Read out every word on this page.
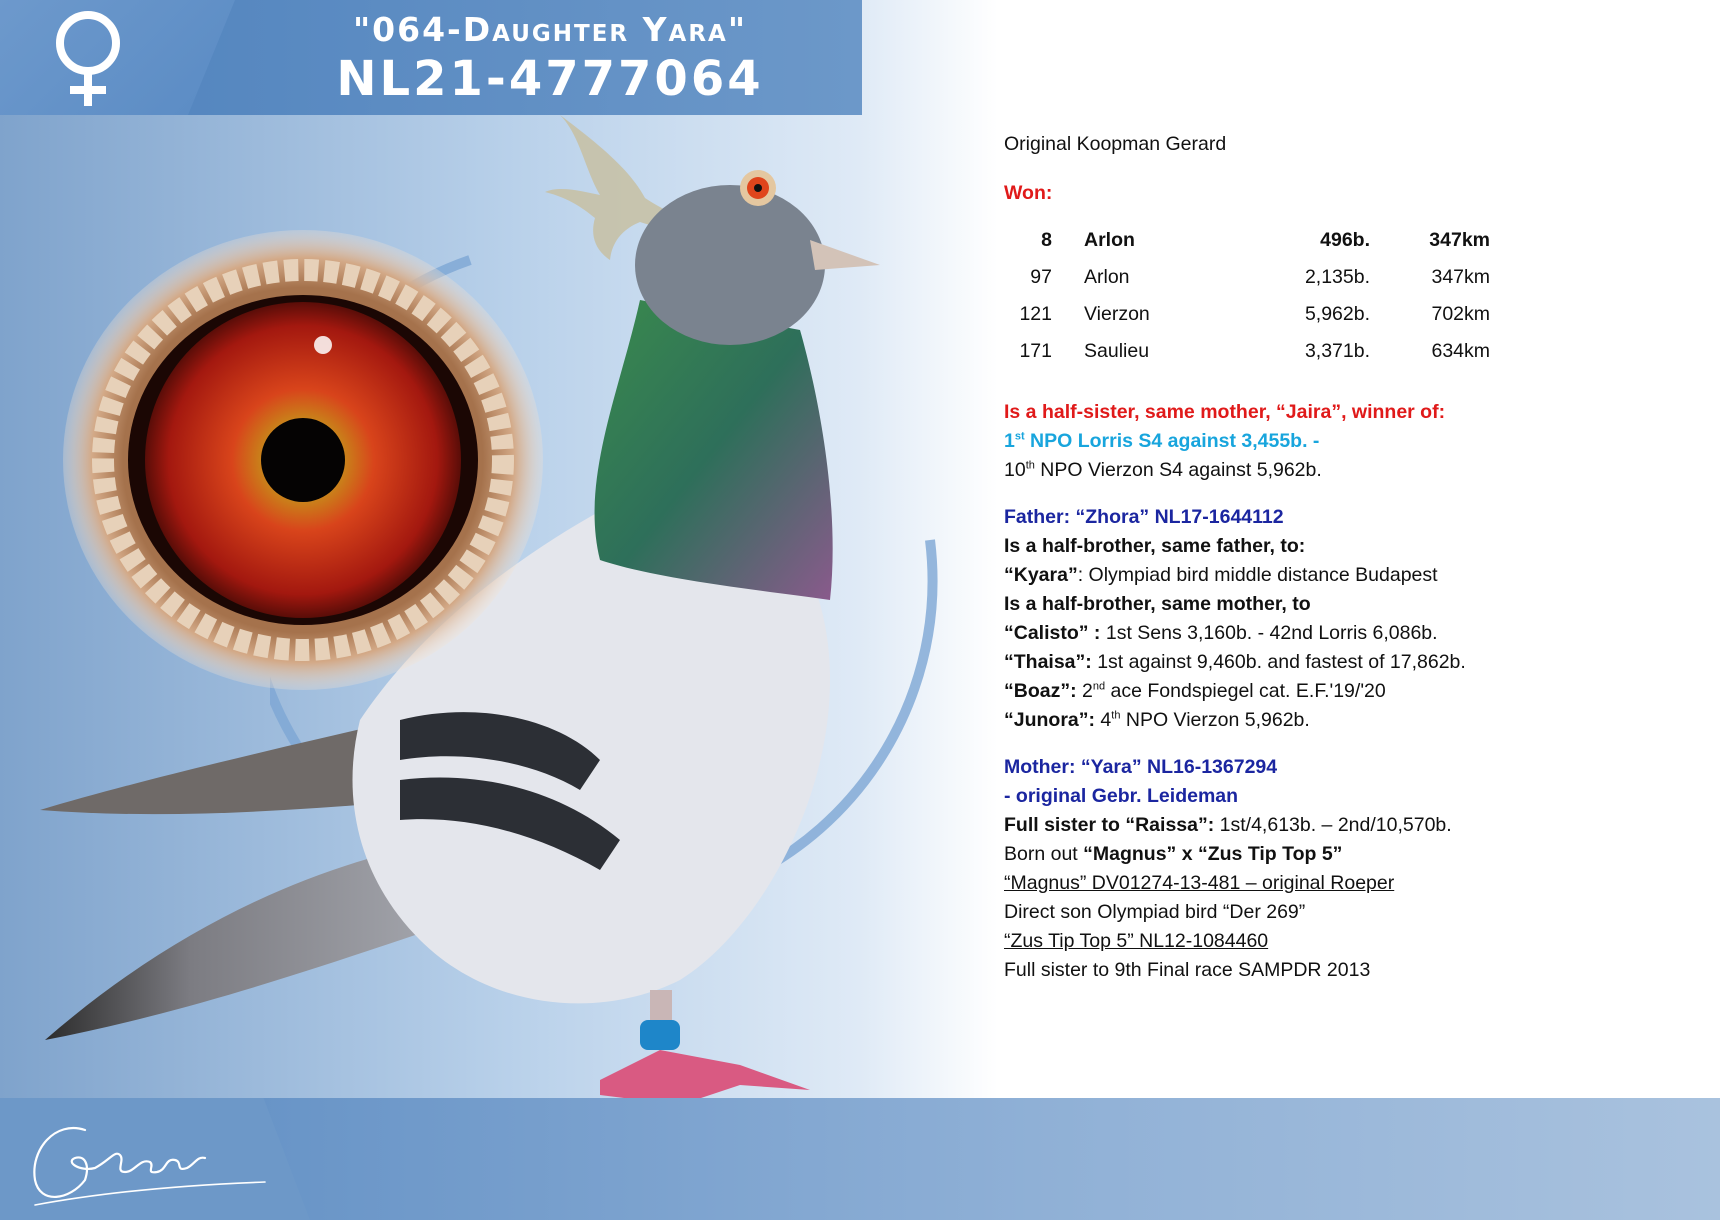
"064-Daughter Yara"
NL21-4777064

Original Koopman Gerard

Won:

8	Arlon	496b.	347km
97	Arlon	2,135b.	347km
121	Vierzon	5,962b.	702km
171	Saulieu	3,371b.	634km

Is a half-sister, same mother, “Jaira”, winner of:

1st NPO Lorris S4 against 3,455b. -

10th NPO Vierzon S4 against 5,962b.

Father: “Zhora” NL17-1644112

Is a half-brother, same father, to:

“Kyara”: Olympiad bird middle distance Budapest

Is a half-brother, same mother, to

“Calisto” : 1st Sens 3,160b. - 42nd Lorris 6,086b.

“Thaisa”: 1st against 9,460b. and fastest of 17,862b.

“Boaz”: 2nd ace Fondspiegel cat. E.F.'19/'20

“Junora”: 4th NPO Vierzon 5,962b.

Mother: “Yara” NL16-1367294

- original Gebr. Leideman

Full sister to “Raissa”: 1st/4,613b. – 2nd/10,570b.

Born out “Magnus” x “Zus Tip Top 5”

“Magnus” DV01274-13-481 – original Roeper

Direct son Olympiad bird “Der 269”

“Zus Tip Top 5” NL12-1084460

Full sister to 9th Final race SAMPDR 2013
